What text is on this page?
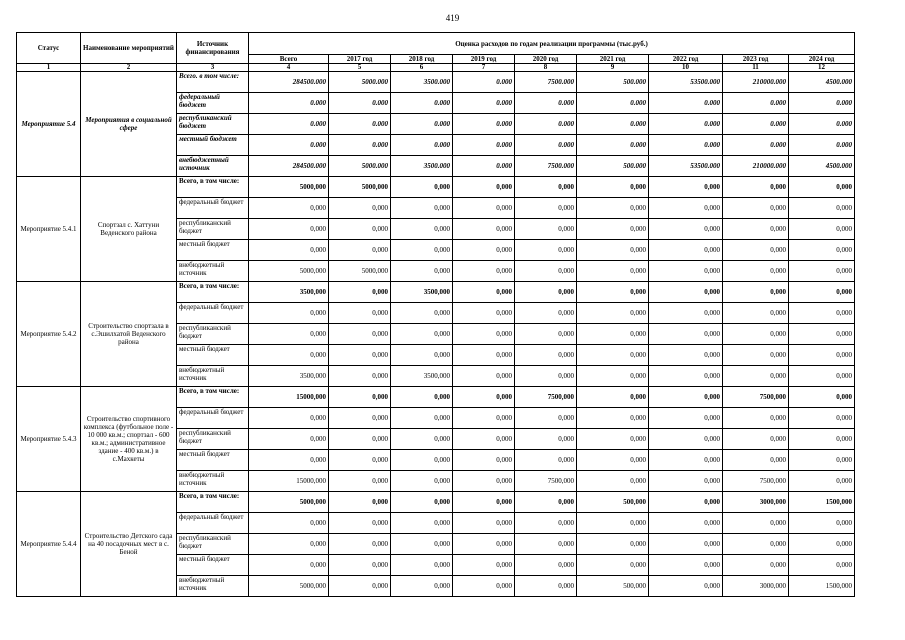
419
Статус	Наименование мероприятий	Источник финансирования	Оценка расходов по годам реализации программы (тыс.руб.)								
			Всего	2017 год	2018 год	2019 год	2020 год	2021 год	2022 год	2023 год	2024 год
1	2	3	4	5	6	7	8	9	10	11	12
Мероприятие 5.4	Мероприятия в социальной сфере	Всего. в том числе:	284500.000	5000.000	3500.000	0.000	7500.000	500.000	53500.000	210000.000	4500.000
		федеральный бюджет	0.000	0.000	0.000	0.000	0.000	0.000	0.000	0.000	0.000
		республиканский бюджет	0.000	0.000	0.000	0.000	0.000	0.000	0.000	0.000	0.000
		местный бюджет	0.000	0.000	0.000	0.000	0.000	0.000	0.000	0.000	0.000
		внебюджетный источник	284500.000	5000.000	3500.000	0.000	7500.000	500.000	53500.000	210000.000	4500.000
Мероприятие 5.4.1	Спортзал с. Хаттуни Веденского района	Всего, в том числе:	5000,000	5000,000	0,000	0,000	0,000	0,000	0,000	0,000	0,000
		федеральный бюджет	0,000	0,000	0,000	0,000	0,000	0,000	0,000	0,000	0,000
		республиканский бюджет	0,000	0,000	0,000	0,000	0,000	0,000	0,000	0,000	0,000
		местный бюджет	0,000	0,000	0,000	0,000	0,000	0,000	0,000	0,000	0,000
		внебюджетный источник	5000,000	5000,000	0,000	0,000	0,000	0,000	0,000	0,000	0,000
Мероприятие 5.4.2	Строительство спортзала в с.Эшилхатой Веденского района	Всего, в том числе:	3500,000	0,000	3500,000	0,000	0,000	0,000	0,000	0,000	0,000
		федеральный бюджет	0,000	0,000	0,000	0,000	0,000	0,000	0,000	0,000	0,000
		республиканский бюджет	0,000	0,000	0,000	0,000	0,000	0,000	0,000	0,000	0,000
		местный бюджет	0,000	0,000	0,000	0,000	0,000	0,000	0,000	0,000	0,000
		внебюджетный источник	3500,000	0,000	3500,000	0,000	0,000	0,000	0,000	0,000	0,000
Мероприятие 5.4.3	Строительство спортивного комплекса (футбольное поле - 10 000 кв.м.; спортзал - 600 кв.м.; административное здание - 400 кв.м.) в с.Махкеты	Всего, в том числе:	15000,000	0,000	0,000	0,000	7500,000	0,000	0,000	7500,000	0,000
		федеральный бюджет	0,000	0,000	0,000	0,000	0,000	0,000	0,000	0,000	0,000
		республиканский бюджет	0,000	0,000	0,000	0,000	0,000	0,000	0,000	0,000	0,000
		местный бюджет	0,000	0,000	0,000	0,000	0,000	0,000	0,000	0,000	0,000
		внебюджетный источник	15000,000	0,000	0,000	0,000	7500,000	0,000	0,000	7500,000	0,000
Мероприятие 5.4.4	Строительство Детского сада на 40 посадочных мест в с. Беной	Всего, в том числе:	5000,000	0,000	0,000	0,000	0,000	500,000	0,000	3000,000	1500,000
		федеральный бюджет	0,000	0,000	0,000	0,000	0,000	0,000	0,000	0,000	0,000
		республиканский бюджет	0,000	0,000	0,000	0,000	0,000	0,000	0,000	0,000	0,000
		местный бюджет	0,000	0,000	0,000	0,000	0,000	0,000	0,000	0,000	0,000
		внебюджетный источник	5000,000	0,000	0,000	0,000	0,000	500,000	0,000	3000,000	1500,000
